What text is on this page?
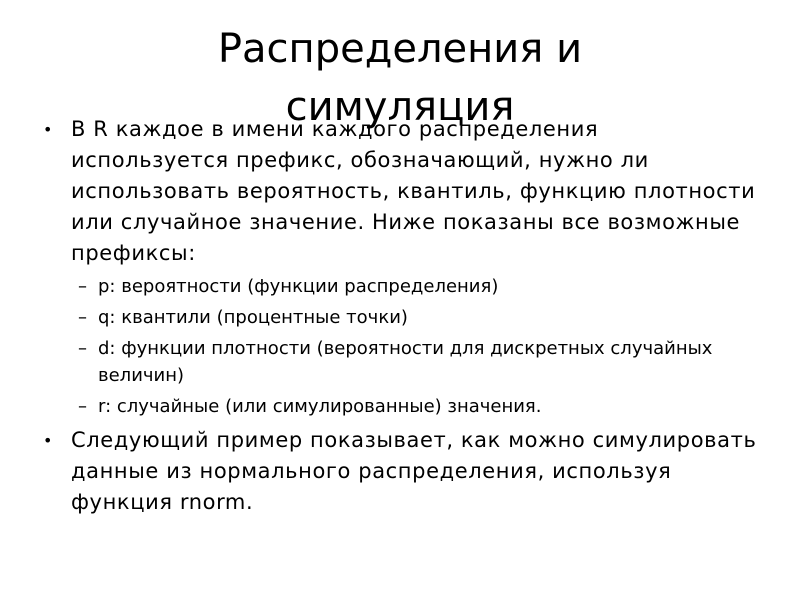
Распределения и симуляция
• В R каждое в имени каждого распределения используется префикс, обозначающий, нужно ли использовать вероятность, квантиль, функцию плотности или случайное значение. Ниже показаны все возможные префиксы:
– p: вероятности (функции распределения)
– q: квантили (процентные точки)
– d: функции плотности (вероятности для дискретных случайных величин)
– r: случайные (или симулированные) значения.
• Следующий пример показывает, как можно симулировать данные из нормального распределения, используя функция rnorm.
